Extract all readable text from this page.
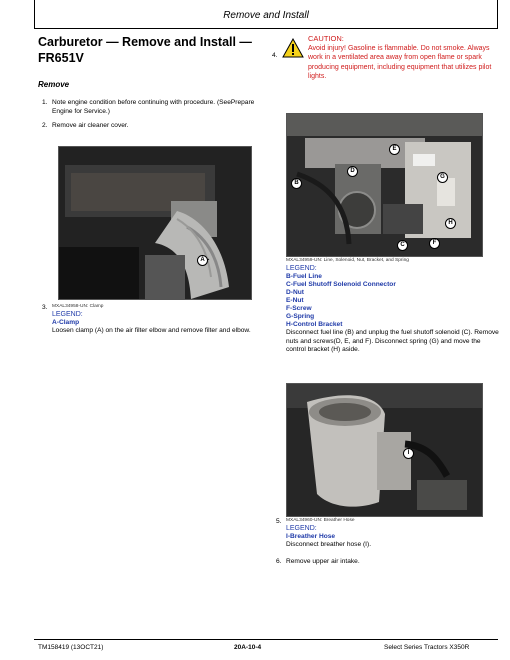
Remove and Install
Carburetor — Remove and Install — FR651V
Remove
1. Note engine condition before continuing with procedure. (SeePrepare Engine for Service.)
2. Remove air cleaner cover.
A
3. MXAL34958-UN: Clamp
LEGEND:
A-Clamp
Loosen clamp (A) on the air filter elbow and remove filter and elbow.
4.
CAUTION:
Avoid injury! Gasoline is flammable. Do not smoke. Always work in a ventilated area away from open flame or spark producing equipment, including equipment that utilizes pilot lights.
B
C
D
E
F
G
H
MXAL34959-UN: Line, Solenoid, Nut, Bracket, and Spring
LEGEND:
B-Fuel Line
C-Fuel Shutoff Solenoid Connector
D-Nut
E-Nut
F-Screw
G-Spring
H-Control Bracket
Disconnect fuel line (B) and unplug the fuel shutoff solenoid (C). Remove nuts and screws(D, E, and F). Disconnect spring (G) and move the control bracket (H) aside.
I
5. MXAL34960-UN: Breather Hose
LEGEND:
I-Breather Hose
Disconnect breather hose (I).
6. Remove upper air intake.
TM158419 (13OCT21)	20A-10-4	Select Series Tractors X350R
